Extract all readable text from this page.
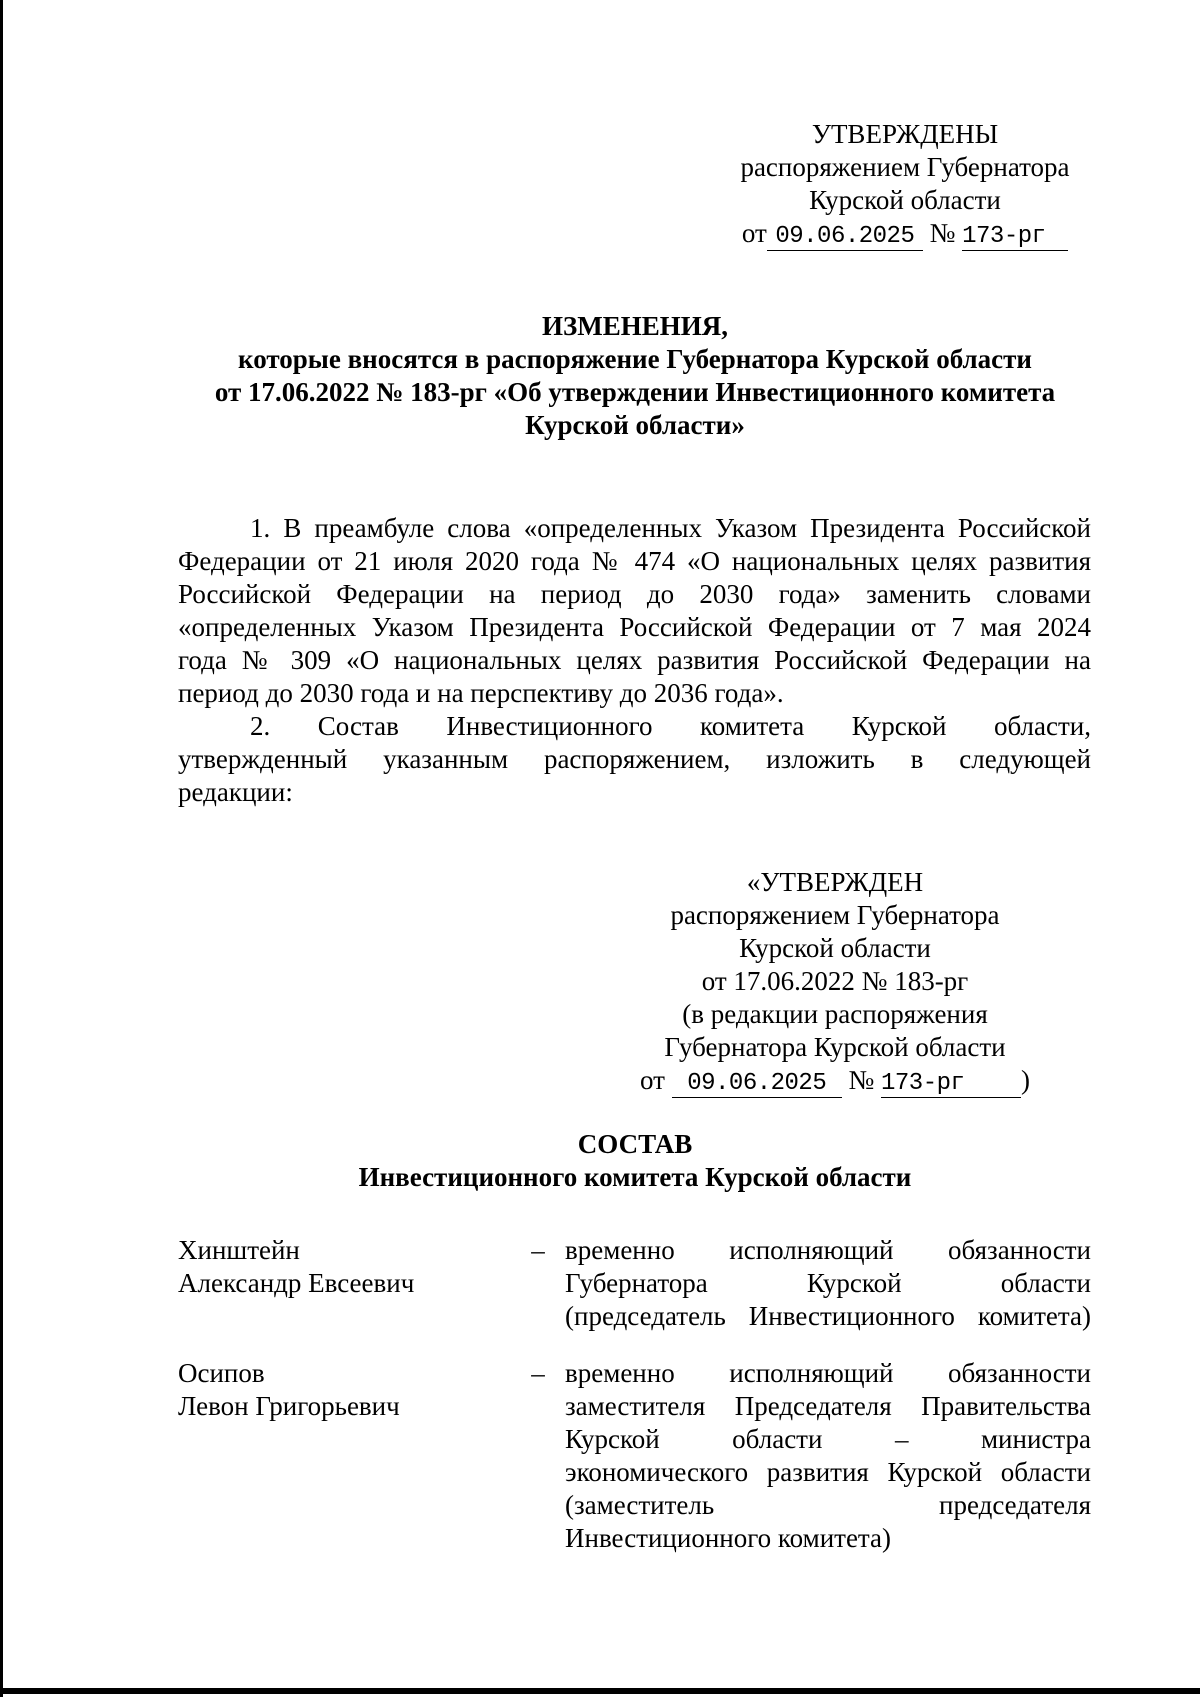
УТВЕРЖДЕНЫ
распоряжением Губернатора
Курской области
от 09.06.2025 № 173-рг
ИЗМЕНЕНИЯ,
которые вносятся в распоряжение Губернатора Курской области
от 17.06.2022 № 183-рг «Об утверждении Инвестиционного комитета
Курской области»
1. В преамбуле слова «определенных Указом Президента Российской
Федерации от 21 июля 2020 года № 474 «О национальных целях развития
Российской Федерации на период до 2030 года» заменить словами
«определенных Указом Президента Российской Федерации от 7 мая 2024
года № 309 «О национальных целях развития Российской Федерации на
период до 2030 года и на перспективу до 2036 года».
2. Состав Инвестиционного комитета Курской области,
утвержденный указанным распоряжением, изложить в следующей
редакции:
«УТВЕРЖДЕН
распоряжением Губернатора
Курской области
от 17.06.2022 № 183-рг
(в редакции распоряжения
Губернатора Курской области
от 09.06.2025 № 173-рг )
СОСТАВ
Инвестиционного комитета Курской области
Хинштейн
Александр Евсеевич
– временно исполняющий обязанности
Губернатора Курской области
(председатель Инвестиционного комитета)
Осипов
Левон Григорьевич
– временно исполняющий обязанности
заместителя Председателя Правительства
Курской области – министра
экономического развития Курской области
(заместитель председателя
Инвестиционного комитета)
